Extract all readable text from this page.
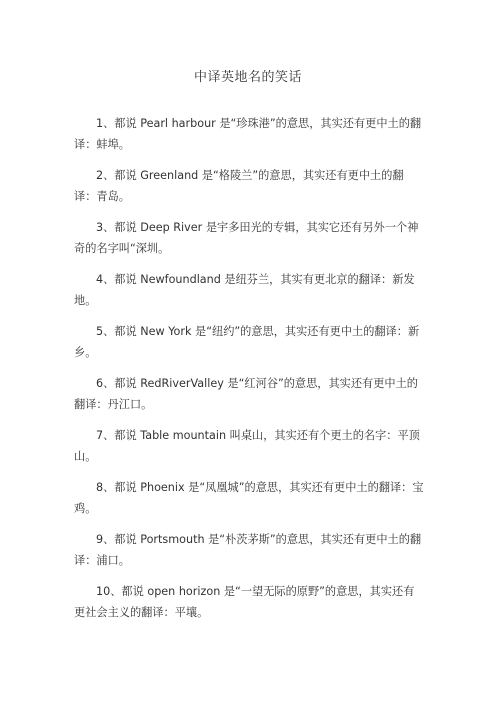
中译英地名的笑话

1、都说 Pearl harbour 是“珍珠港”的意思，其实还有更中土的翻译：蚌埠。

2、都说 Greenland 是“格陵兰”的意思，其实还有更中土的翻译：青岛。

3、都说 Deep River 是宇多田光的专辑，其实它还有另外一个神奇的名字叫“深圳。

4、都说 Newfoundland 是纽芬兰，其实有更北京的翻译：新发地。

5、都说 New York 是“纽约”的意思，其实还有更中土的翻译：新乡。

6、都说 RedRiverValley 是“红河谷”的意思，其实还有更中土的翻译：丹江口。

7、都说 Table mountain 叫桌山，其实还有个更土的名字：平顶山。

8、都说 Phoenix 是“凤凰城”的意思，其实还有更中土的翻译：宝鸡。

9、都说 Portsmouth 是“朴茨茅斯”的意思，其实还有更中土的翻译：浦口。

10、都说 open horizon 是“一望无际的原野”的意思，其实还有更社会主义的翻译：平壤。
